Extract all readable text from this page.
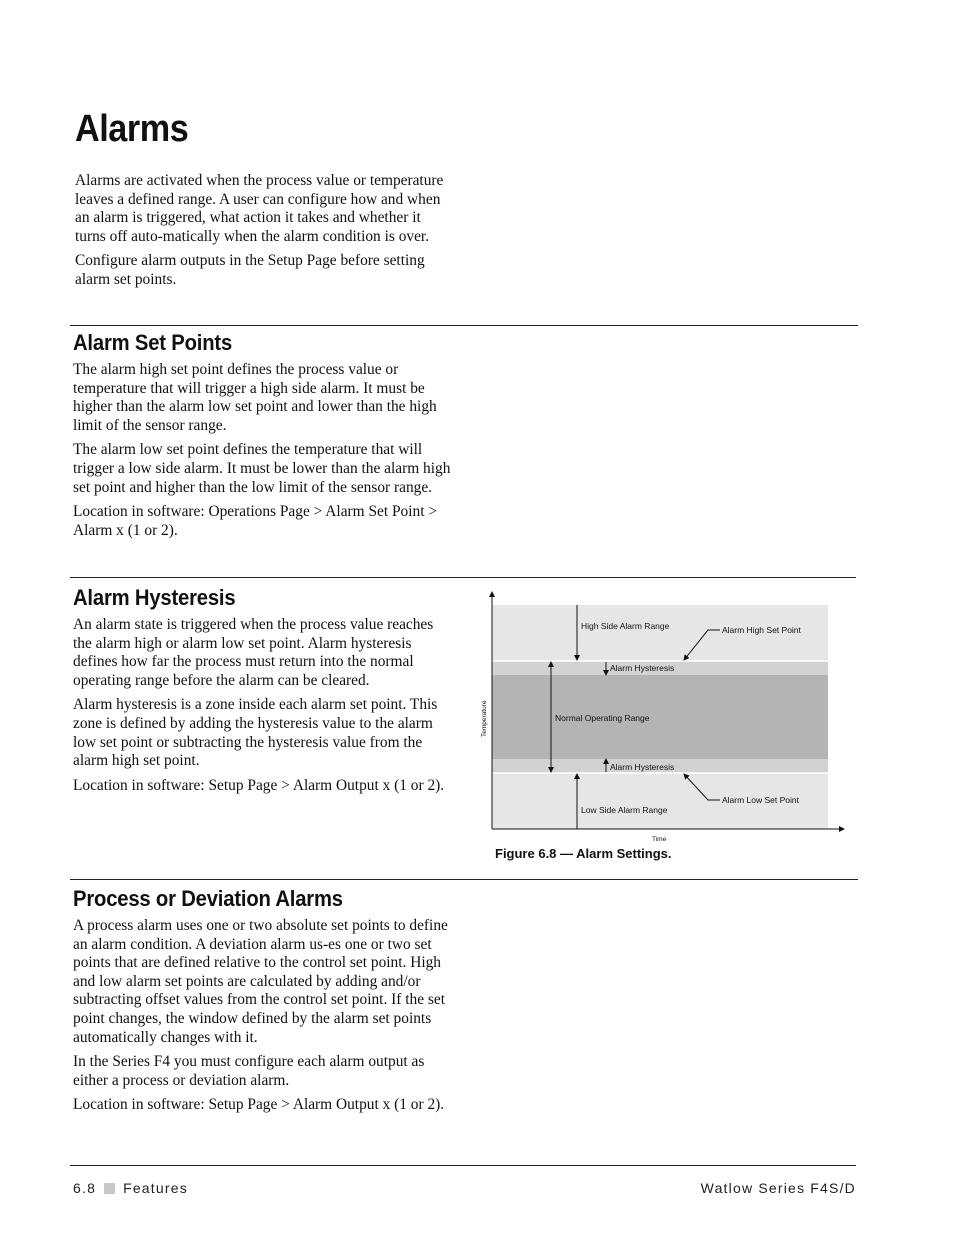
Alarms

Alarms are activated when the process value or temperature leaves a defined range. A user can configure how and when an alarm is triggered, what action it takes and whether it turns off auto-matically when the alarm condition is over.

Configure alarm outputs in the Setup Page before setting alarm set points.

Alarm Set Points

The alarm high set point defines the process value or temperature that will trigger a high side alarm. It must be higher than the alarm low set point and lower than the high limit of the sensor range.

The alarm low set point defines the temperature that will trigger a low side alarm. It must be lower than the alarm high set point and higher than the low limit of the sensor range.

Location in software: Operations Page > Alarm Set Point > Alarm x (1 or 2).

Alarm Hysteresis

An alarm state is triggered when the process value reaches the alarm high or alarm low set point. Alarm hysteresis defines how far the process must return into the normal operating range before the alarm can be cleared.

Alarm hysteresis is a zone inside each alarm set point. This zone is defined by adding the hysteresis value to the alarm low set point or subtracting the hysteresis value from the alarm high set point.

Location in software: Setup Page > Alarm Output x (1 or 2).

High Side Alarm Range
Alarm Hysteresis
Normal Operating Range
Alarm Hysteresis
Low Side Alarm Range
Alarm High Set Point
Alarm Low Set Point
Temperature
Time

Figure 6.8 — Alarm Settings.

Process or Deviation Alarms

A process alarm uses one or two absolute set points to define an alarm condition. A deviation alarm us-es one or two set points that are defined relative to the control set point. High and low alarm set points are calculated by adding and/or subtracting offset values from the control set point. If the set point changes, the window defined by the alarm set points automatically changes with it.

In the Series F4 you must configure each alarm output as either a process or deviation alarm.

Location in software: Setup Page > Alarm Output x (1 or 2).

6.8 Features	Watlow Series F4S/D
